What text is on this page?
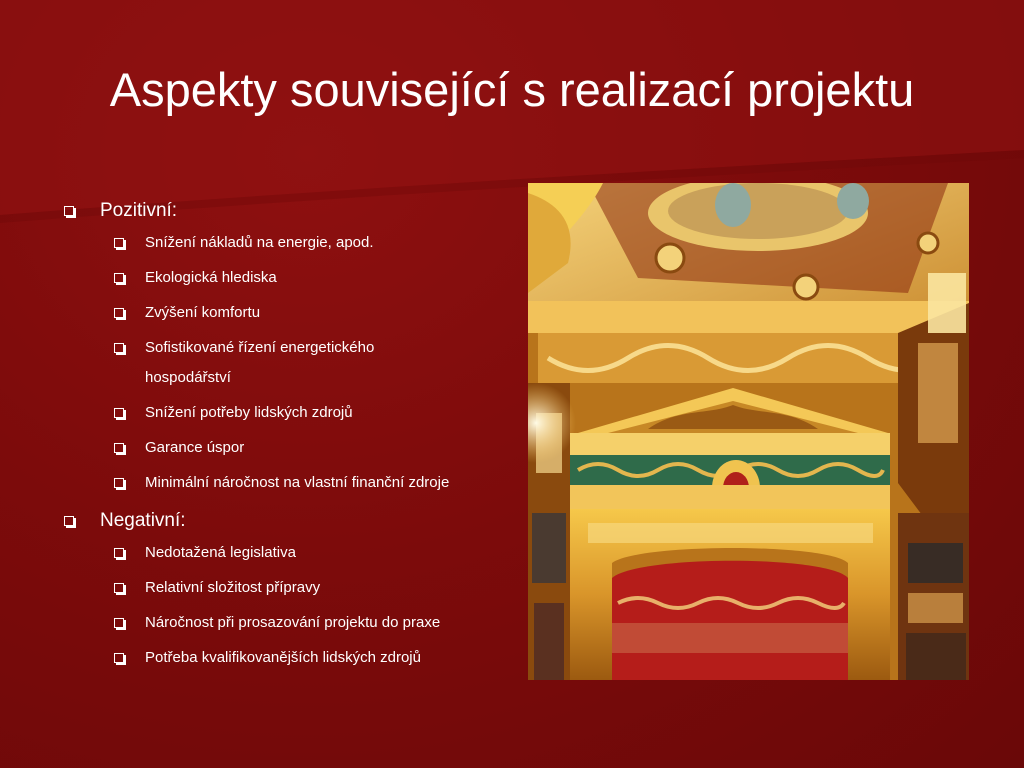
Aspekty související s realizací projektu
Pozitivní:
Snížení nákladů na energie, apod.
Ekologická hlediska
Zvýšení komfortu
Sofistikované řízení energetického hospodářství
Snížení potřeby lidských zdrojů
Garance úspor
Minimální náročnost na vlastní finanční zdroje
Negativní:
Nedotažená legislativa
Relativní složitost přípravy
Náročnost při prosazování projektu do praxe
Potřeba kvalifikovanějších lidských zdrojů
